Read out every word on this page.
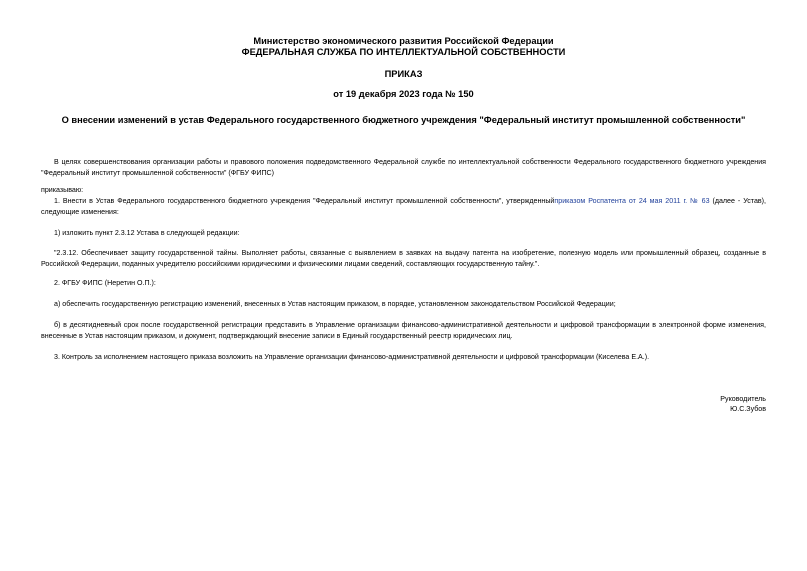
Министерство экономического развития Российской Федерации
ФЕДЕРАЛЬНАЯ СЛУЖБА ПО ИНТЕЛЛЕКТУАЛЬНОЙ СОБСТВЕННОСТИ
ПРИКАЗ
от 19 декабря 2023 года № 150
О внесении изменений в устав Федерального государственного бюджетного учреждения "Федеральный институт промышленной собственности"
В целях совершенствования организации работы и правового положения подведомственного Федеральной службе по интеллектуальной собственности Федерального государственного бюджетного учреждения "Федеральный институт промышленной собственности" (ФГБУ ФИПС)
приказываю:
1. Внести в Устав Федерального государственного бюджетного учреждения "Федеральный институт промышленной собственности", утвержденныйприказом Роспатента от 24 мая 2011 г. № 63 (далее - Устав), следующие изменения:
1) изложить пункт 2.3.12 Устава в следующей редакции:
"2.3.12. Обеспечивает защиту государственной тайны. Выполняет работы, связанные с выявлением в заявках на выдачу патента на изобретение, полезную модель или промышленный образец, созданные в Российской Федерации, поданных учредителю российскими юридическими и физическими лицами сведений, составляющих государственную тайну.".
2. ФГБУ ФИПС (Неретин О.П.):
а) обеспечить государственную регистрацию изменений, внесенных в Устав настоящим приказом, в порядке, установленном законодательством Российской Федерации;
б) в десятидневный срок после государственной регистрации представить в Управление организации финансово-административной деятельности и цифровой трансформации в электронной форме изменения, внесенные в Устав настоящим приказом, и документ, подтверждающий внесение записи в Единый государственный реестр юридических лиц.
3. Контроль за исполнением настоящего приказа возложить на Управление организации финансово-административной деятельности и цифровой трансформации (Киселева Е.А.).
Руководитель
Ю.С.Зубов
